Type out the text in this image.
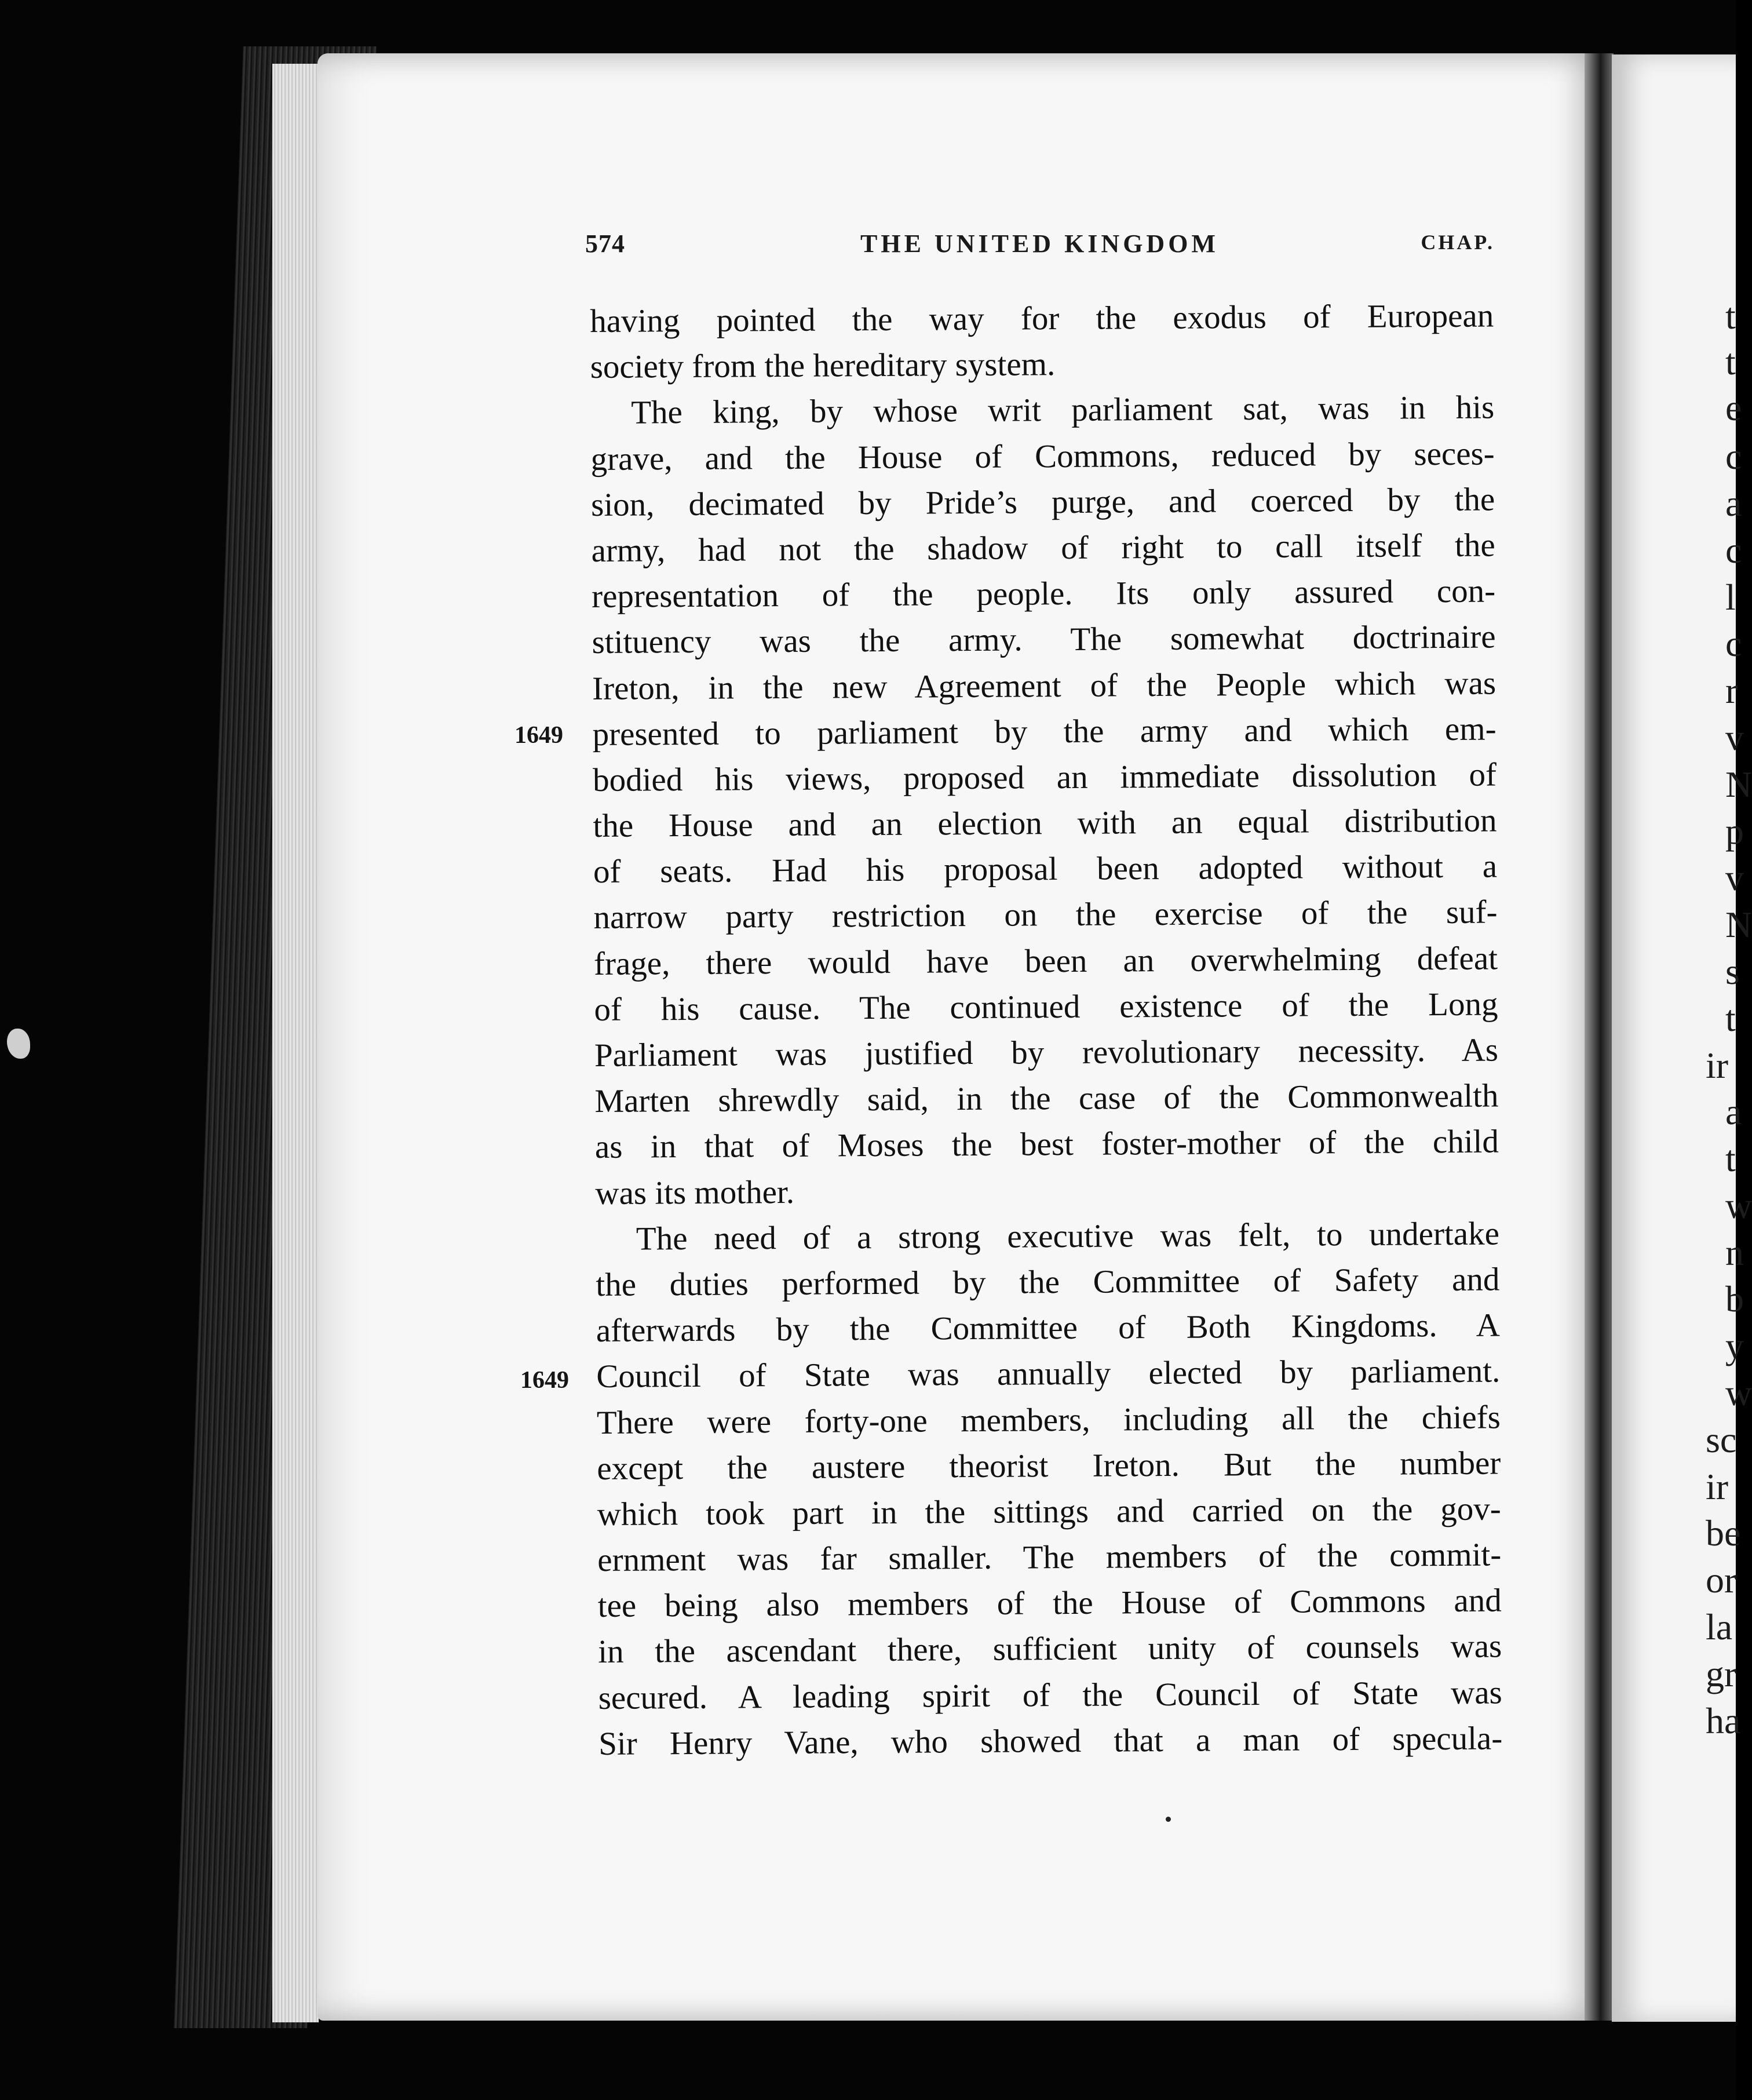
t
t
e
c
a
c
l
c
r
v
N
p
v
N
s
t
ir
a
t
w
n
b
y
w
sc
ir
be
or
la
gr
ha
574	THE UNITED KINGDOM	CHAP.
1649
1649
having pointed the way for the exodus of European
society from the hereditary system.
The king, by whose writ parliament sat, was in his
grave, and the House of Commons, reduced by seces-
sion, decimated by Pride’s purge, and coerced by the
army, had not the shadow of right to call itself the
representation of the people. Its only assured con-
stituency was the army. The somewhat doctrinaire
Ireton, in the new Agreement of the People which was
presented to parliament by the army and which em-
bodied his views, proposed an immediate dissolution of
the House and an election with an equal distribution
of seats. Had his proposal been adopted without a
narrow party restriction on the exercise of the suf-
frage, there would have been an overwhelming defeat
of his cause. The continued existence of the Long
Parliament was justified by revolutionary necessity. As
Marten shrewdly said, in the case of the Commonwealth
as in that of Moses the best foster-mother of the child
was its mother.
The need of a strong executive was felt, to undertake
the duties performed by the Committee of Safety and
afterwards by the Committee of Both Kingdoms. A
Council of State was annually elected by parliament.
There were forty-one members, including all the chiefs
except the austere theorist Ireton. But the number
which took part in the sittings and carried on the gov-
ernment was far smaller. The members of the commit-
tee being also members of the House of Commons and
in the ascendant there, sufficient unity of counsels was
secured. A leading spirit of the Council of State was
Sir Henry Vane, who showed that a man of specula-
